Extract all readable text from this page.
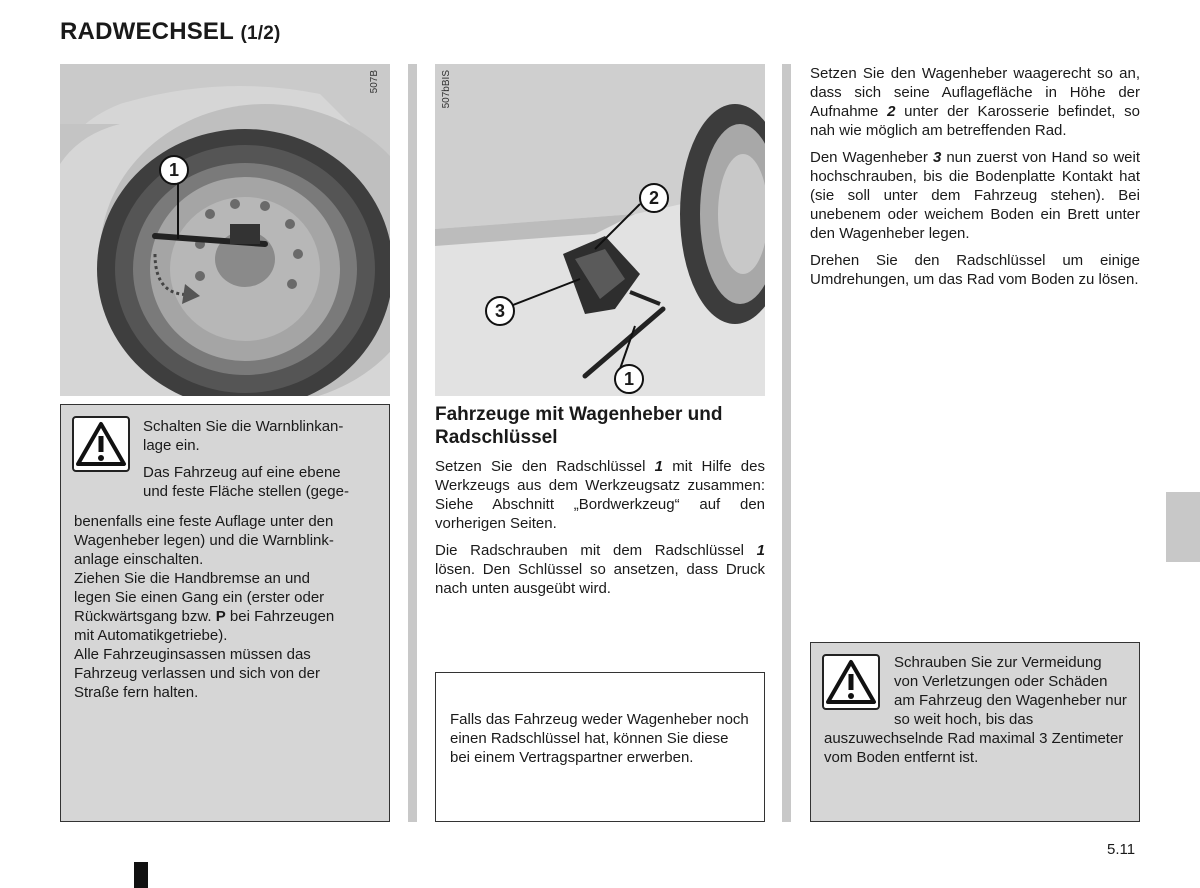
RADWECHSEL (1/2)
507B
1
507bBIS
2
3
1
Schalten Sie die Warnblinkan-
lage ein.
Das Fahrzeug auf eine ebene
und feste Fläche stellen (gege-
benenfalls eine feste Auflage unter den
Wagenheber legen) und die Warnblink-
anlage einschalten.
Ziehen Sie die Handbremse an und
legen Sie einen Gang ein (erster oder
Rückwärtsgang bzw. P bei Fahrzeugen
mit Automatikgetriebe).
Alle Fahrzeuginsassen müssen das
Fahrzeug verlassen und sich von der
Straße fern halten.
Fahrzeuge mit Wagenheber und Radschlüssel

Setzen Sie den Radschlüssel 1 mit Hilfe des Werkzeugs aus dem Werkzeugsatz zusammen: Siehe Abschnitt „Bordwerkzeug“ auf den vorherigen Seiten.

Die Radschrauben mit dem Radschlüssel 1 lösen. Den Schlüssel so ansetzen, dass Druck nach unten ausgeübt wird.

Falls das Fahrzeug weder Wagenheber noch einen Radschlüssel hat, können Sie diese bei einem Vertragspartner erwerben.

Setzen Sie den Wagenheber waagerecht so an, dass sich seine Auflagefläche in Höhe der Aufnahme 2 unter der Karosserie befindet, so nah wie möglich am betreffenden Rad.

Den Wagenheber 3 nun zuerst von Hand so weit hochschrauben, bis die Bodenplatte Kontakt hat (sie soll unter dem Fahrzeug stehen). Bei unebenem oder weichem Boden ein Brett unter den Wagenheber legen.

Drehen Sie den Radschlüssel um einige Umdrehungen, um das Rad vom Boden zu lösen.

Schrauben Sie zur Vermeidung von Verletzungen oder Schäden am Fahrzeug den Wagenheber nur so weit hoch, bis das auszuwechselnde Rad maximal 3 Zentimeter vom Boden entfernt ist.
5.11
